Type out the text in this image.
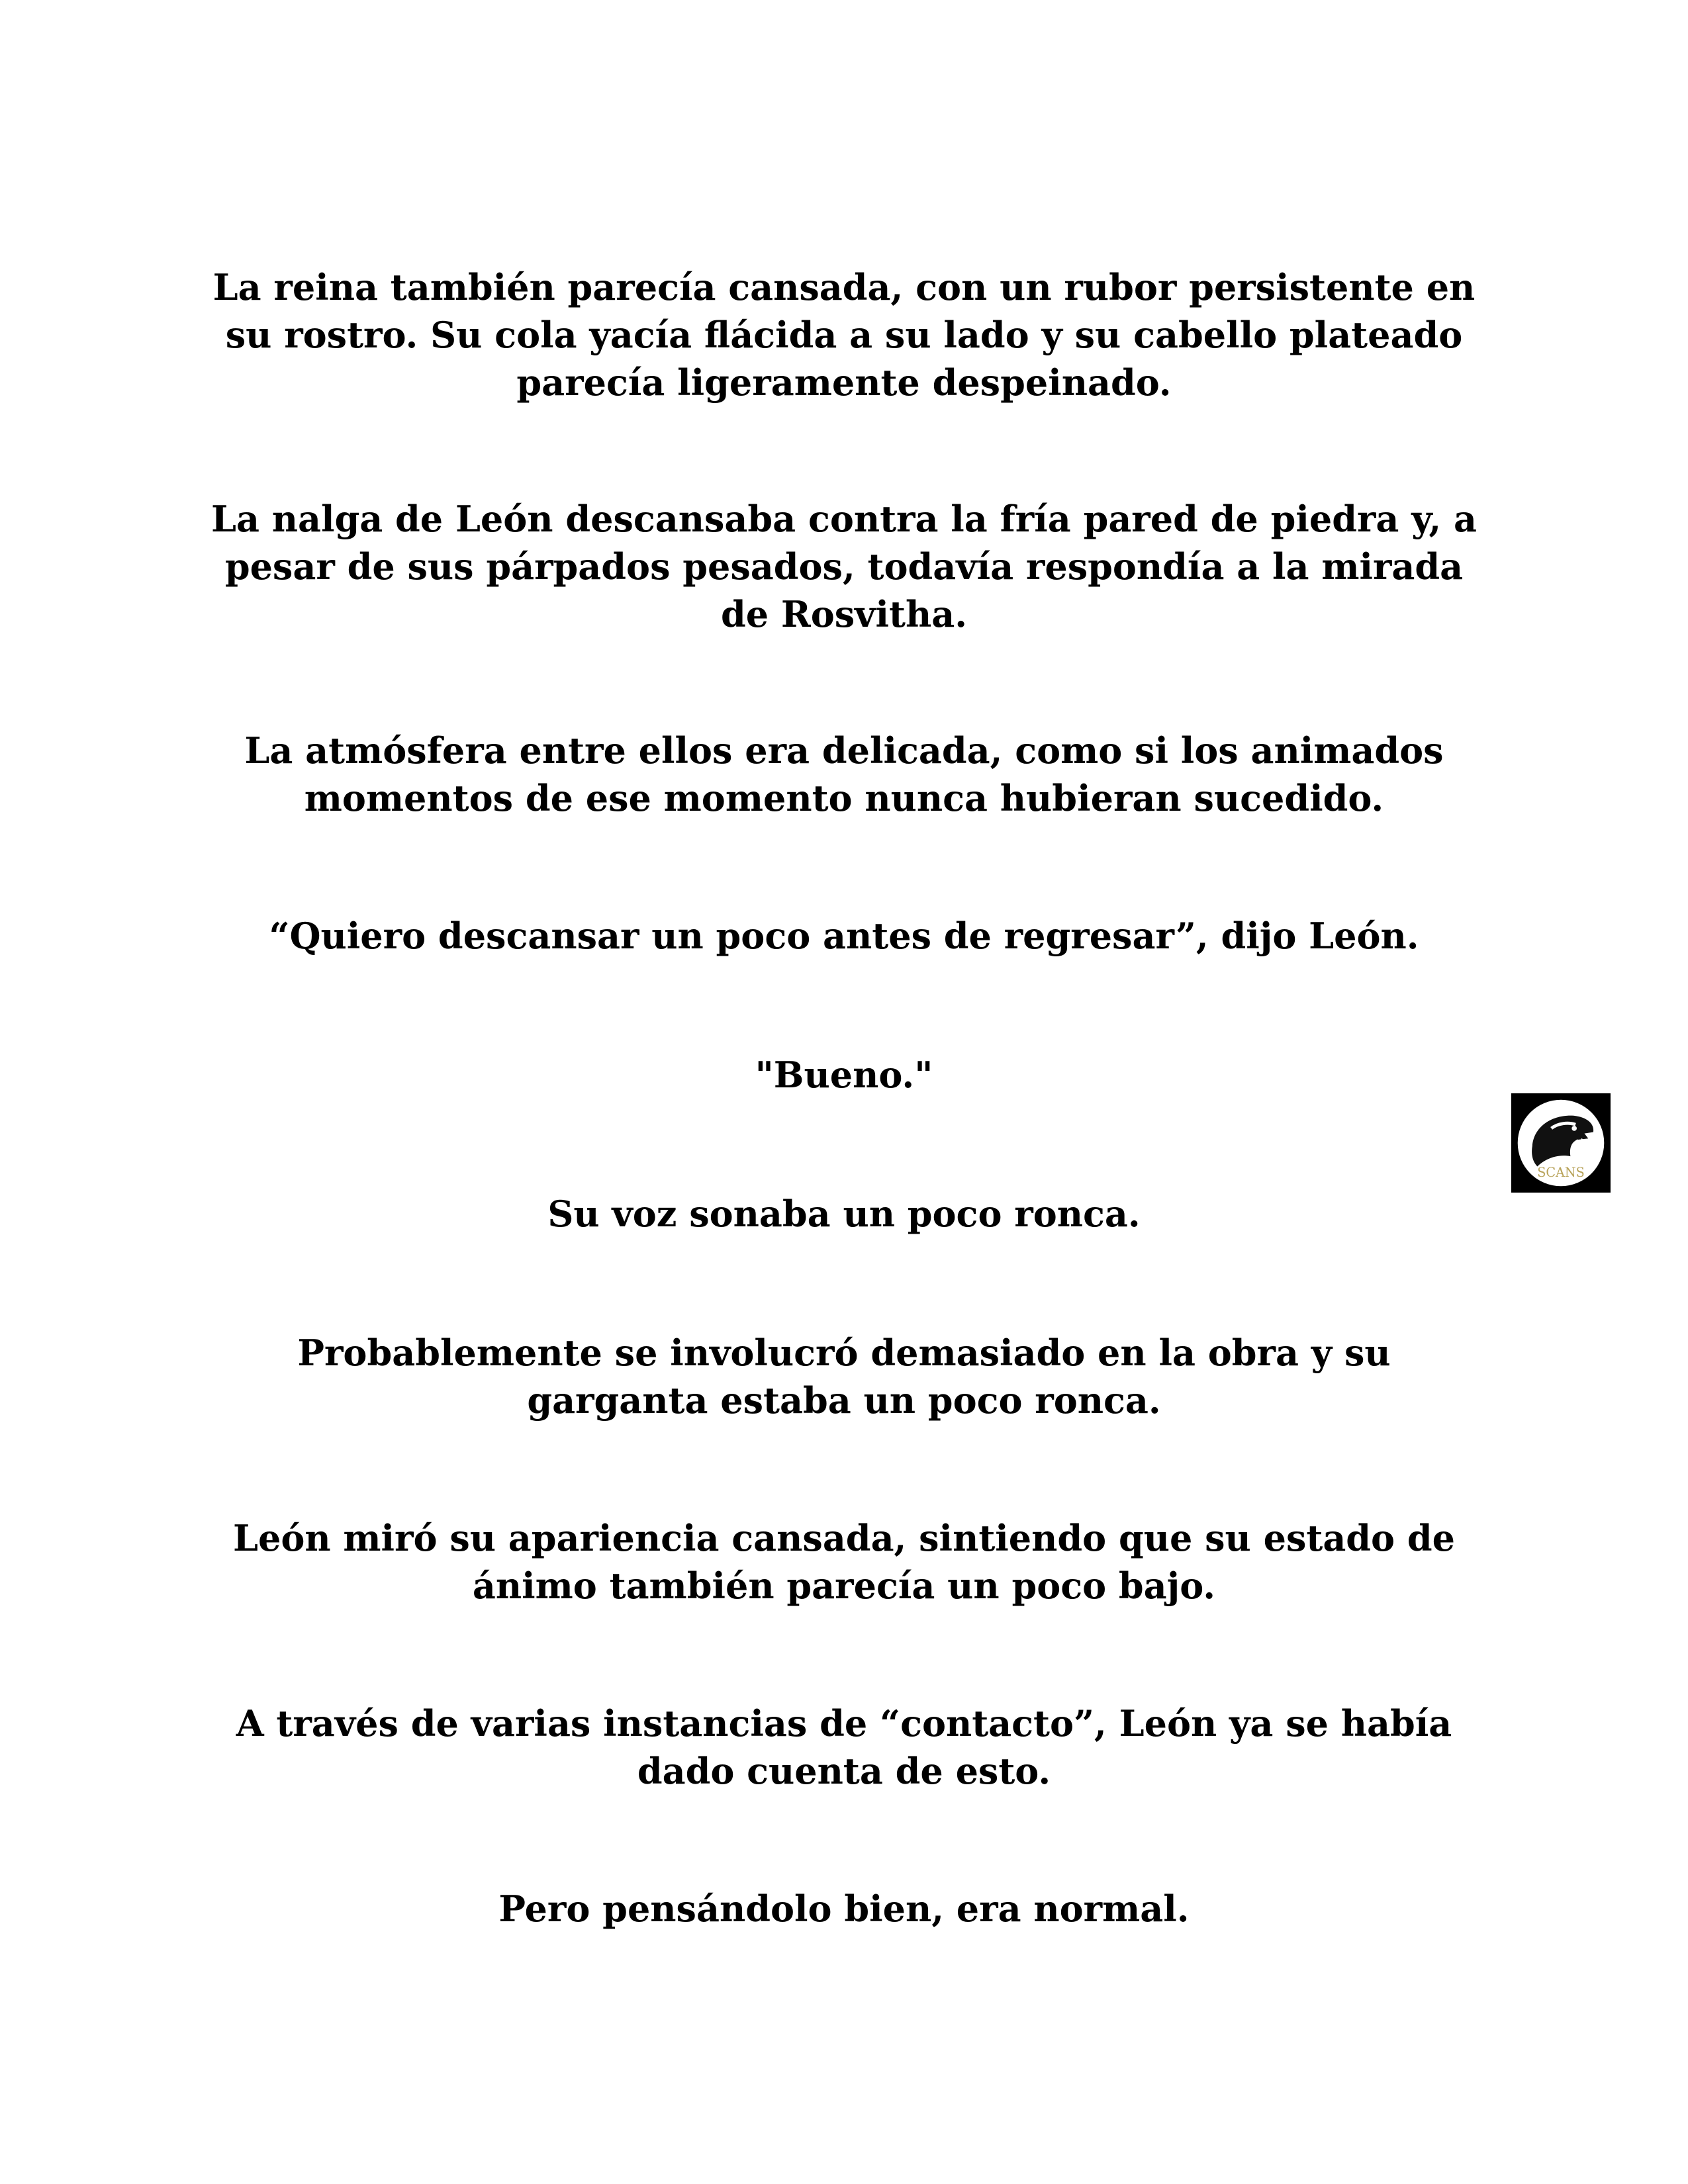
La reina también parecía cansada, con un rubor persistente en
su rostro. Su cola yacía flácida a su lado y su cabello plateado
parecía ligeramente despeinado.

La nalga de León descansaba contra la fría pared de piedra y, a
pesar de sus párpados pesados, todavía respondía a la mirada
de Rosvitha.

La atmósfera entre ellos era delicada, como si los animados
momentos de ese momento nunca hubieran sucedido.

“Quiero descansar un poco antes de regresar”, dijo León.

"Bueno."

Su voz sonaba un poco ronca.

Probablemente se involucró demasiado en la obra y su
garganta estaba un poco ronca.

León miró su apariencia cansada, sintiendo que su estado de
ánimo también parecía un poco bajo.

A través de varias instancias de “contacto”, León ya se había
dado cuenta de esto.

Pero pensándolo bien, era normal.

SCANS
